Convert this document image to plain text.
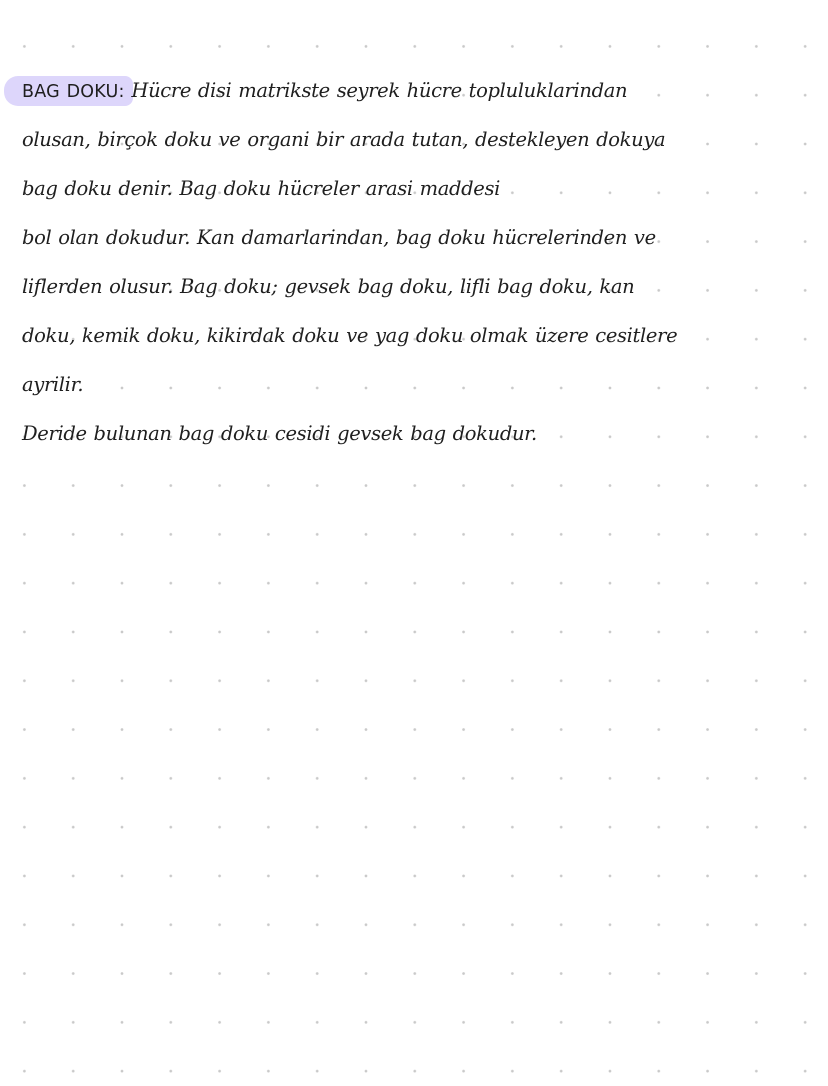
BAG DOKU: Hücre disi matrikste seyrek hücre topluluklarindan
olusan, birçok doku ve organi bir arada tutan, destekleyen dokuya
bag doku denir. Bag doku hücreler arasi maddesi
bol olan dokudur. Kan damarlarindan, bag doku hücrelerinden ve
liflerden olusur. Bag doku; gevsek bag doku, lifli bag doku, kan
doku, kemik doku, kikirdak doku ve yag doku olmak üzere cesitlere
ayrilir.
Deride bulunan bag doku cesidi gevsek bag dokudur.
